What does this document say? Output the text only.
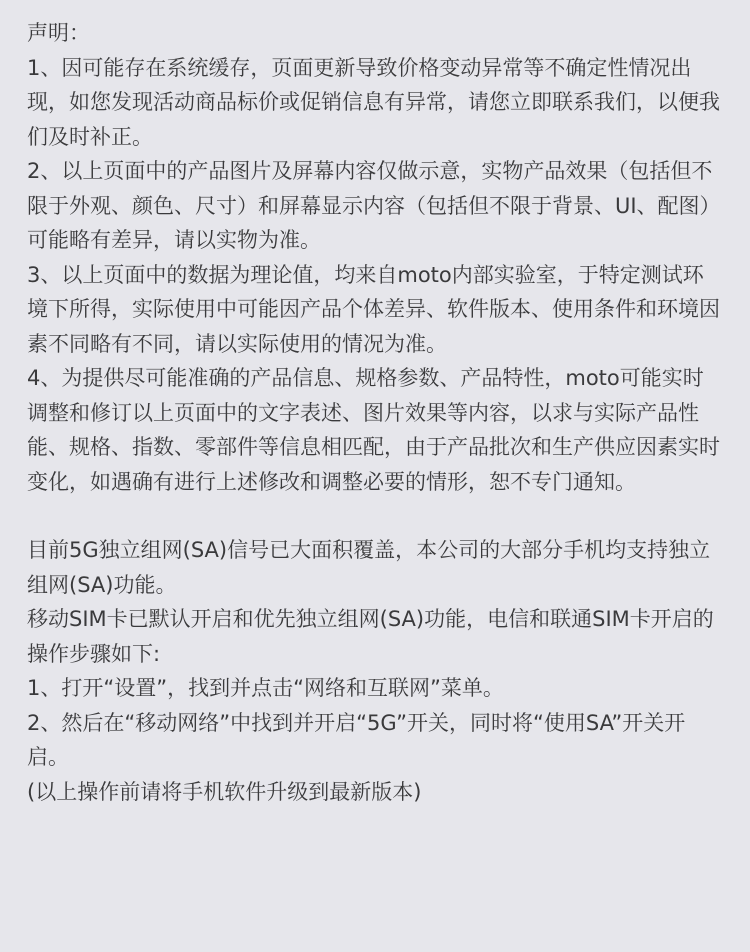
声明：

1、因可能存在系统缓存，页面更新导致价格变动异常等不确定性情况出现，如您发现活动商品标价或促销信息有异常，请您立即联系我们，以便我们及时补正。

2、以上页面中的产品图片及屏幕内容仅做示意，实物产品效果（包括但不限于外观、颜色、尺寸）和屏幕显示内容（包括但不限于背景、UI、配图）可能略有差异，请以实物为准。

3、以上页面中的数据为理论值，均来自moto内部实验室，于特定测试环境下所得，实际使用中可能因产品个体差异、软件版本、使用条件和环境因素不同略有不同，请以实际使用的情况为准。

4、为提供尽可能准确的产品信息、规格参数、产品特性，moto可能实时调整和修订以上页面中的文字表述、图片效果等内容，以求与实际产品性能、规格、指数、零部件等信息相匹配，由于产品批次和生产供应因素实时变化，如遇确有进行上述修改和调整必要的情形，恕不专门通知。

目前5G独立组网(SA)信号已大面积覆盖，本公司的大部分手机均支持独立组网(SA)功能。

移动SIM卡已默认开启和优先独立组网(SA)功能，电信和联通SIM卡开启的操作步骤如下:

1、打开“设置”，找到并点击“网络和互联网”菜单。

2、然后在“移动网络”中找到并开启“5G”开关，同时将“使用SA”开关开启。

(以上操作前请将手机软件升级到最新版本)
